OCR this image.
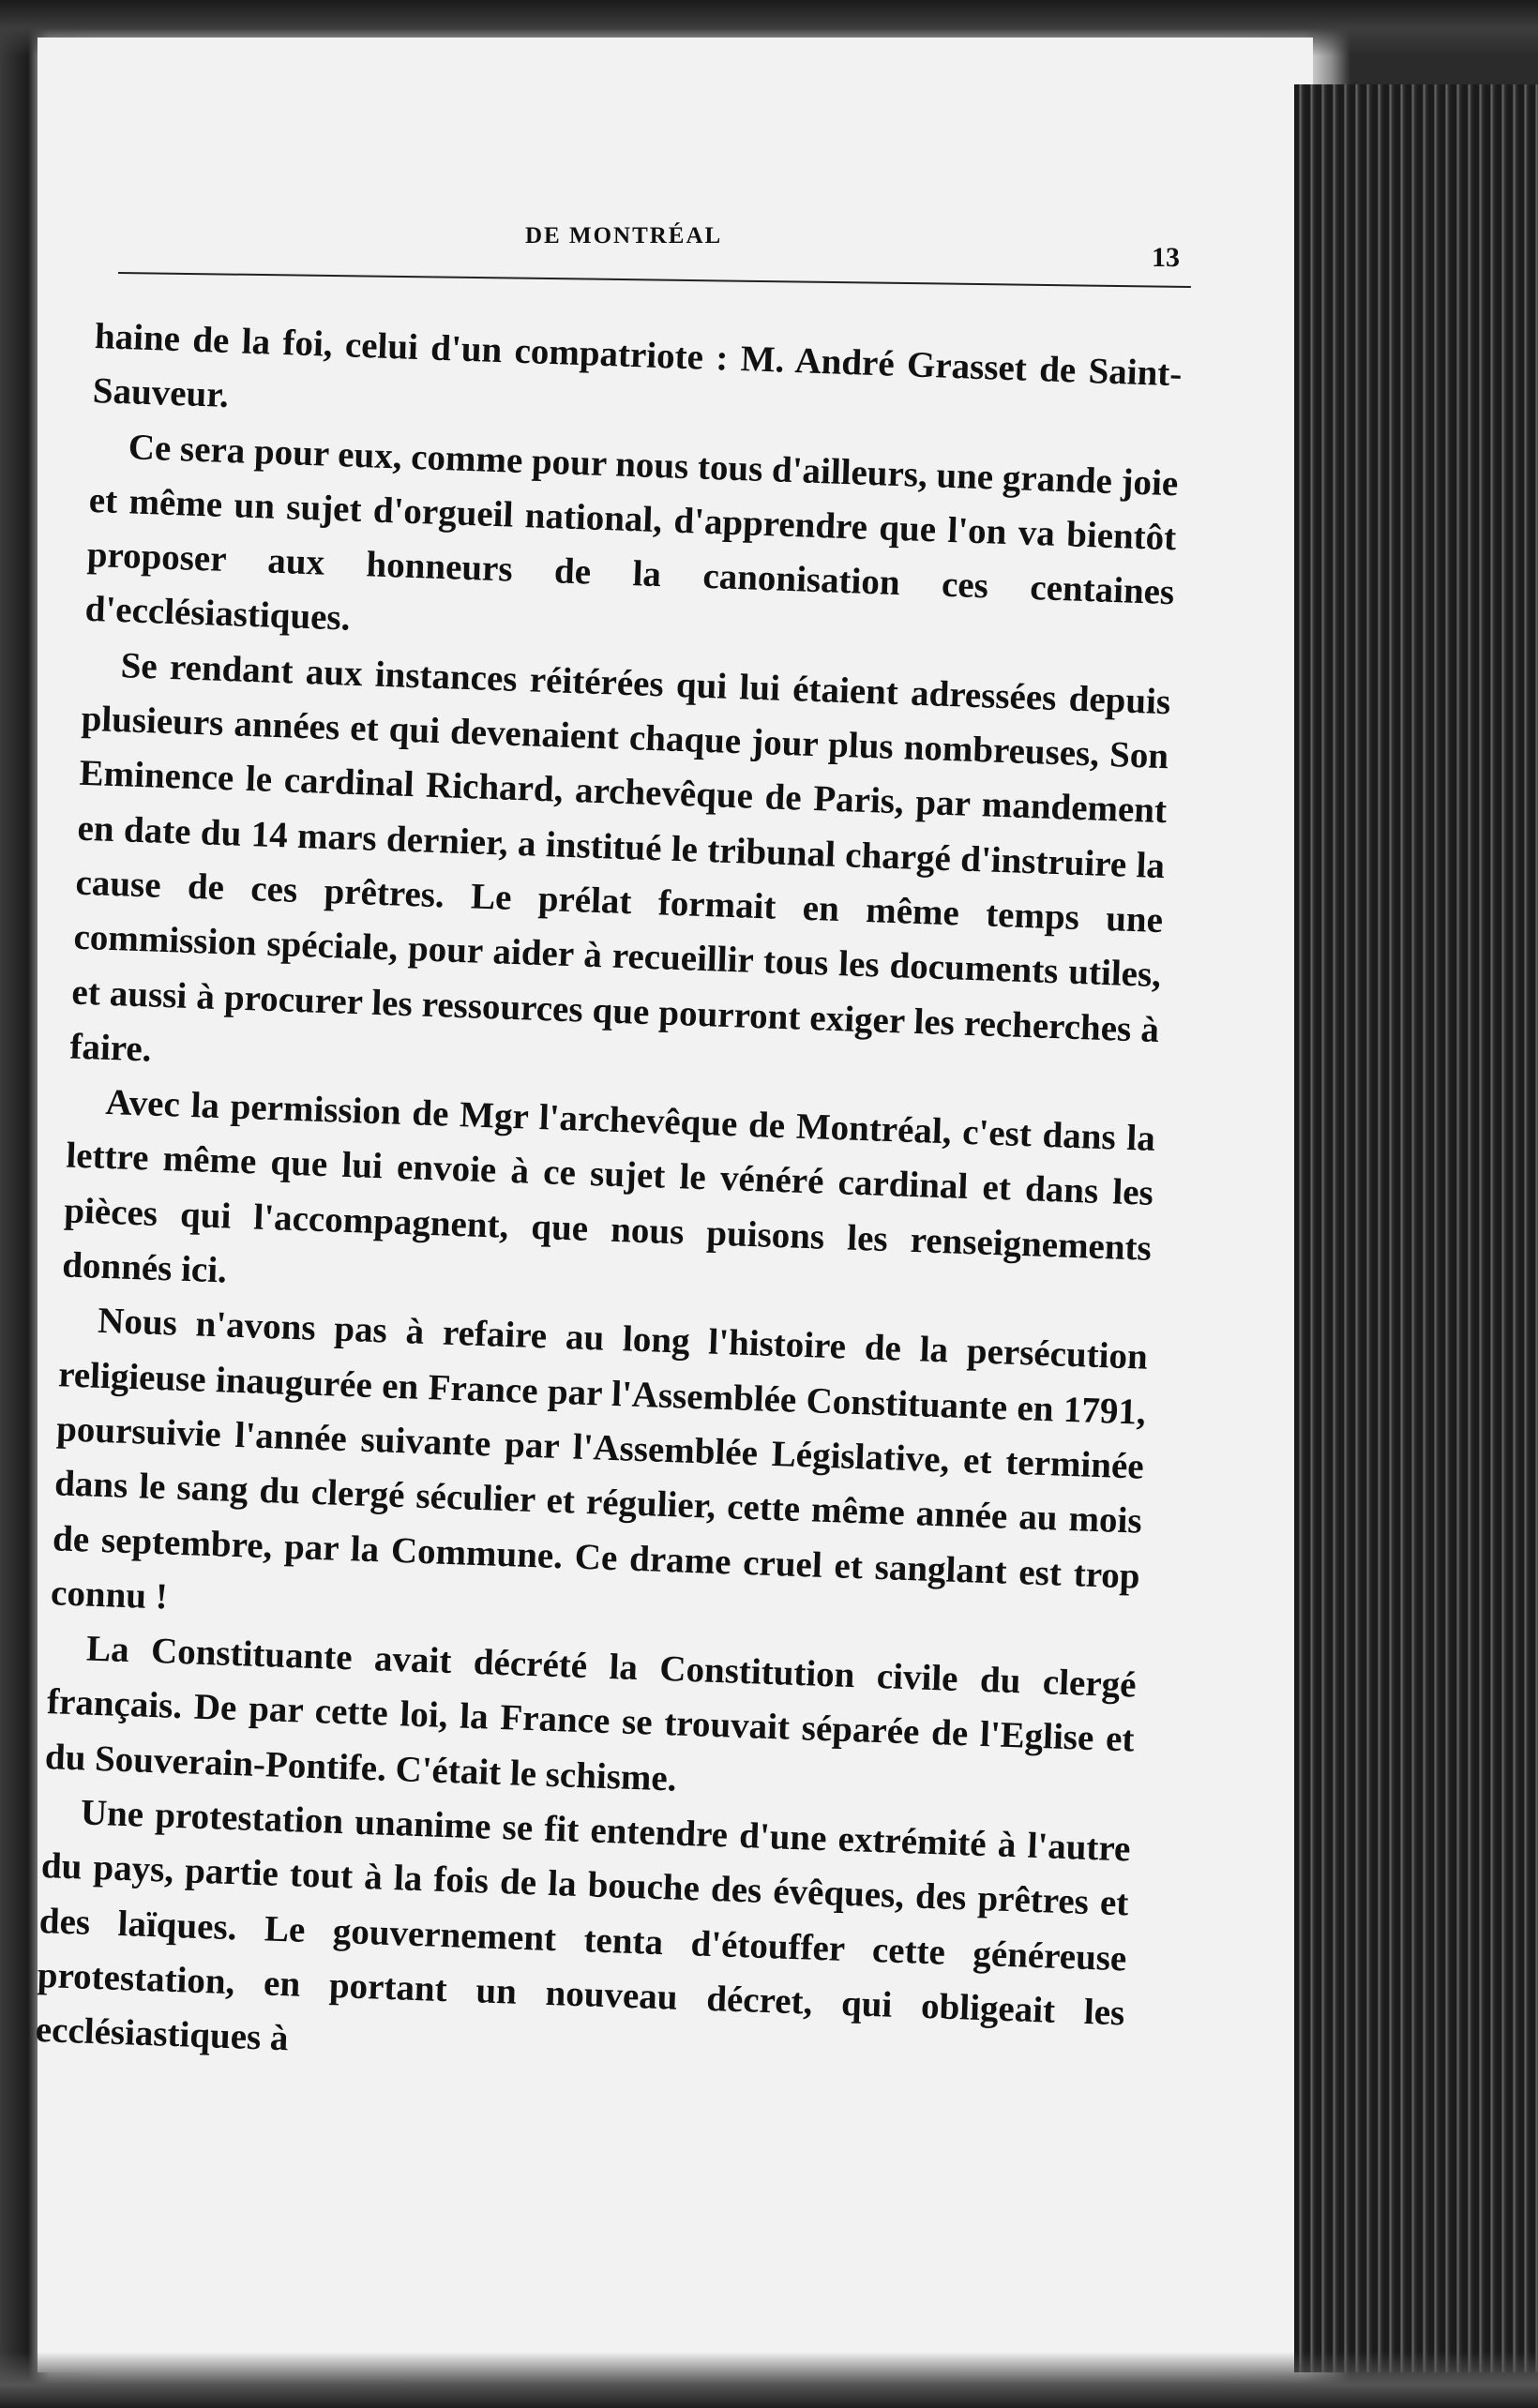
DE MONTRÉAL
13

haine de la foi, celui d'un compatriote : M. André Grasset de Saint-Sauveur.

Ce sera pour eux, comme pour nous tous d'ailleurs, une grande joie et même un sujet d'orgueil national, d'apprendre que l'on va bientôt proposer aux honneurs de la canonisation ces centaines d'ecclésiastiques.

Se rendant aux instances réitérées qui lui étaient adressées depuis plusieurs années et qui devenaient chaque jour plus nombreuses, Son Eminence le cardinal Richard, archevêque de Paris, par mandement en date du 14 mars dernier, a institué le tribunal chargé d'instruire la cause de ces prêtres. Le prélat formait en même temps une commission spéciale, pour aider à recueillir tous les documents utiles, et aussi à procurer les ressources que pourront exiger les recherches à faire.

Avec la permission de Mgr l'archevêque de Montréal, c'est dans la lettre même que lui envoie à ce sujet le vénéré cardinal et dans les pièces qui l'accompagnent, que nous puisons les renseignements donnés ici.

Nous n'avons pas à refaire au long l'histoire de la persécution religieuse inaugurée en France par l'Assemblée Constituante en 1791, poursuivie l'année suivante par l'Assemblée Législative, et terminée dans le sang du clergé séculier et régulier, cette même année au mois de septembre, par la Commune. Ce drame cruel et sanglant est trop connu !

La Constituante avait décrété la Constitution civile du clergé français. De par cette loi, la France se trouvait séparée de l'Eglise et du Souverain-Pontife. C'était le schisme.

Une protestation unanime se fit entendre d'une extrémité à l'autre du pays, partie tout à la fois de la bouche des évêques, des prêtres et des laïques. Le gouvernement tenta d'étouffer cette généreuse protestation, en portant un nouveau décret, qui obligeait les ecclésiastiques à
